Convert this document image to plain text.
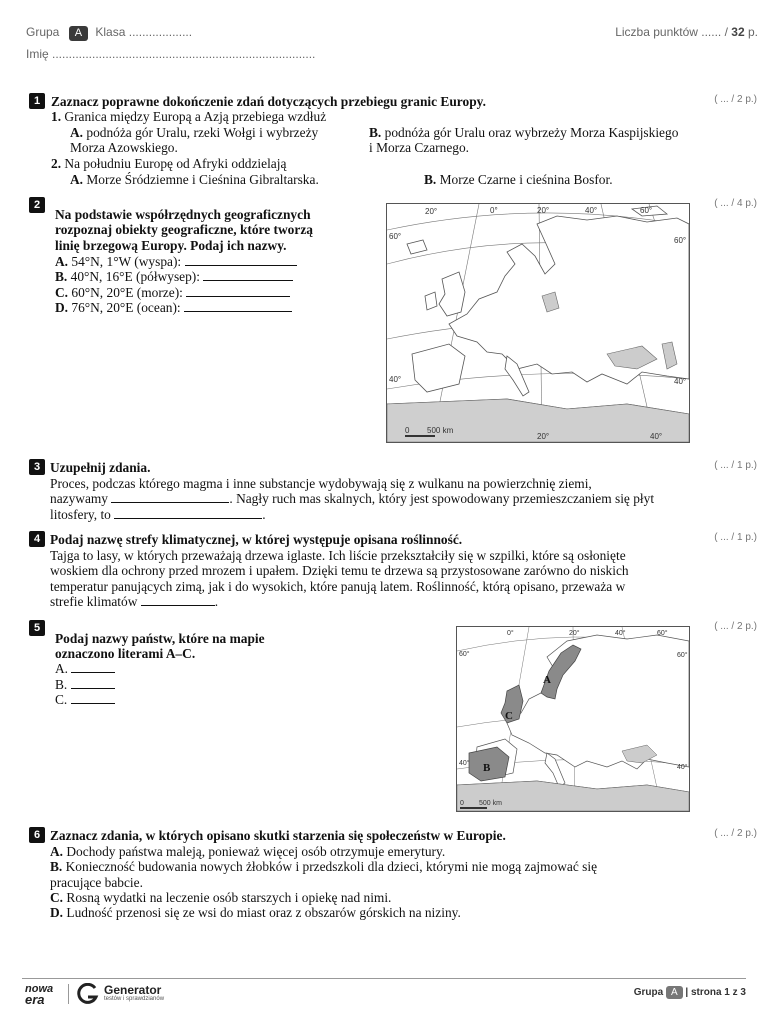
Grupa A Klasa ...................	Liczba punktów ...... / 32 p.
Imię ...............................................................................
1	( ... / 2 p.)
Zaznacz poprawne dokończenie zdań dotyczących przebiegu granic Europy.
1. Granica między Europą a Azją przebiega wzdłuż
A. podnóża gór Uralu, rzeki Wołgi i wybrzeży
Morza Azowskiego.
B. podnóża gór Uralu oraz wybrzeży Morza Kaspijskiego
i Morza Czarnego.
2. Na południu Europę od Afryki oddzielają
A. Morze Śródziemne i Cieśnina Gibraltarska.	B. Morze Czarne i cieśnina Bosfor.
2	( ... / 4 p.)
Na podstawie współrzędnych geograficznych
rozpoznaj obiekty geograficzne, które tworzą
linię brzegową Europy. Podaj ich nazwy.
A. 54°N, 1°W (wyspa):
B. 40°N, 16°E (półwysep):
C. 60°N, 20°E (morze):
D. 76°N, 20°E (ocean):
20°	0°	20°	40°	60°
60°	60°
40°	40°
20°	40°
0 500 km
3	( ... / 1 p.)
Uzupełnij zdania.
Proces, podczas którego magma i inne substancje wydobywają się z wulkanu na powierzchnię ziemi,
nazywamy	. Nagły ruch mas skalnych, który jest spowodowany przemieszczaniem się płyt
litosfery, to	.
4	( ... / 1 p.)
Podaj nazwę strefy klimatycznej, w której występuje opisana roślinność.
Tajga to lasy, w których przeważają drzewa iglaste. Ich liście przekształciły się w szpilki, które są osłonięte
woskiem dla ochrony przed mrozem i upałem. Dzięki temu te drzewa są przystosowane zarówno do niskich
temperatur panujących zimą, jak i do wysokich, które panują latem. Roślinność, którą opisano, przeważa w
strefie klimatów	.
5	( ... / 2 p.)
Podaj nazwy państw, które na mapie
oznaczono literami A–C.
A.
B.
C.
A
C
B
0°	20°	40°	60°
60°	60°
40°
40°
0 500 km
6	( ... / 2 p.)
Zaznacz zdania, w których opisano skutki starzenia się społeczeństw w Europie.
A. Dochody państwa maleją, ponieważ więcej osób otrzymuje emerytury.
B. Konieczność budowania nowych żłobków i przedszkoli dla dzieci, którymi nie mogą zajmować się
pracujące babcie.
C. Rosną wydatki na leczenie osób starszych i opiekę nad nimi.
D. Ludność przenosi się ze wsi do miast oraz z obszarów górskich na niziny.
nowa
era
Generator
testów i sprawdzianów
Grupa A | strona 1 z 3
